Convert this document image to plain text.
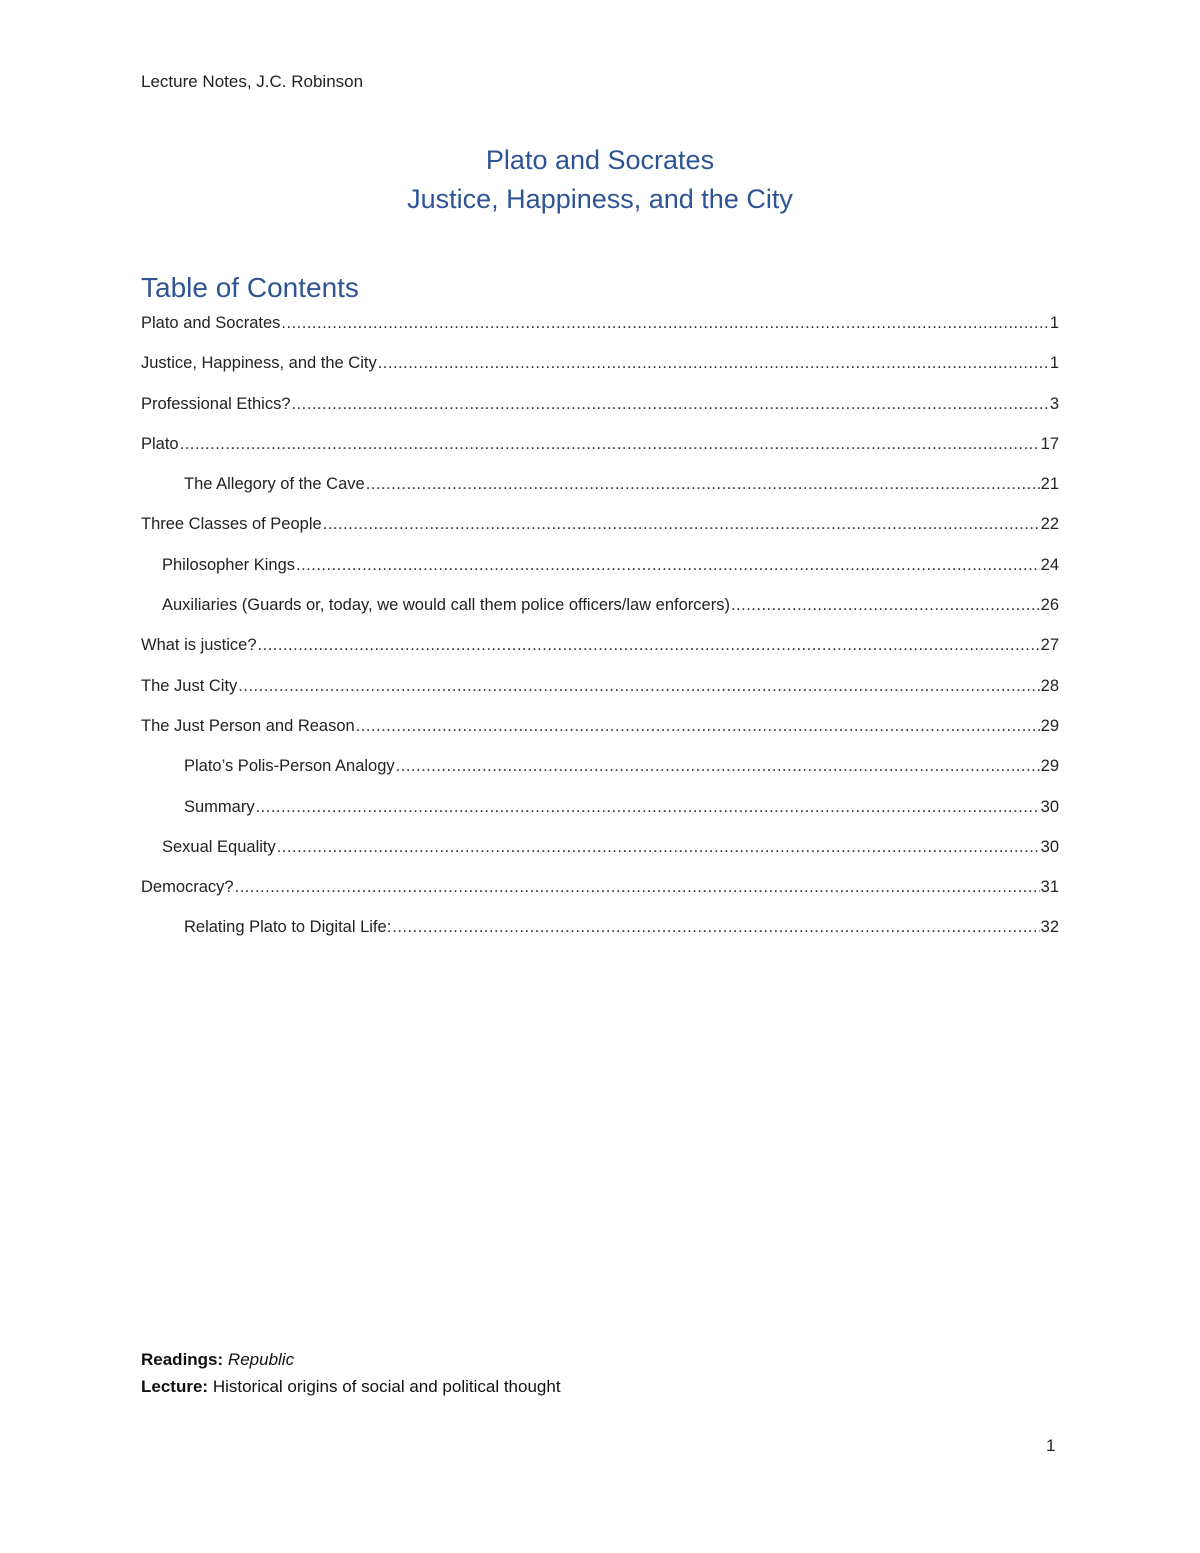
Lecture Notes, J.C. Robinson
Plato and Socrates
Justice, Happiness, and the City
Table of Contents
Plato and Socrates .....	1
Justice, Happiness, and the City .....	1
Professional Ethics? .....	3
Plato .....	17
The Allegory of the Cave .....	21
Three Classes of People .....	22
Philosopher Kings .....	24
Auxiliaries (Guards or, today, we would call them police officers/law enforcers) .....	26
What is justice? .....	27
The Just City .....	28
The Just Person and Reason .....	29
Plato’s Polis-Person Analogy .....	29
Summary .....	30
Sexual Equality .....	30
Democracy? .....	31
Relating Plato to Digital Life: .....	32
Readings: Republic
Lecture: Historical origins of social and political thought
1
